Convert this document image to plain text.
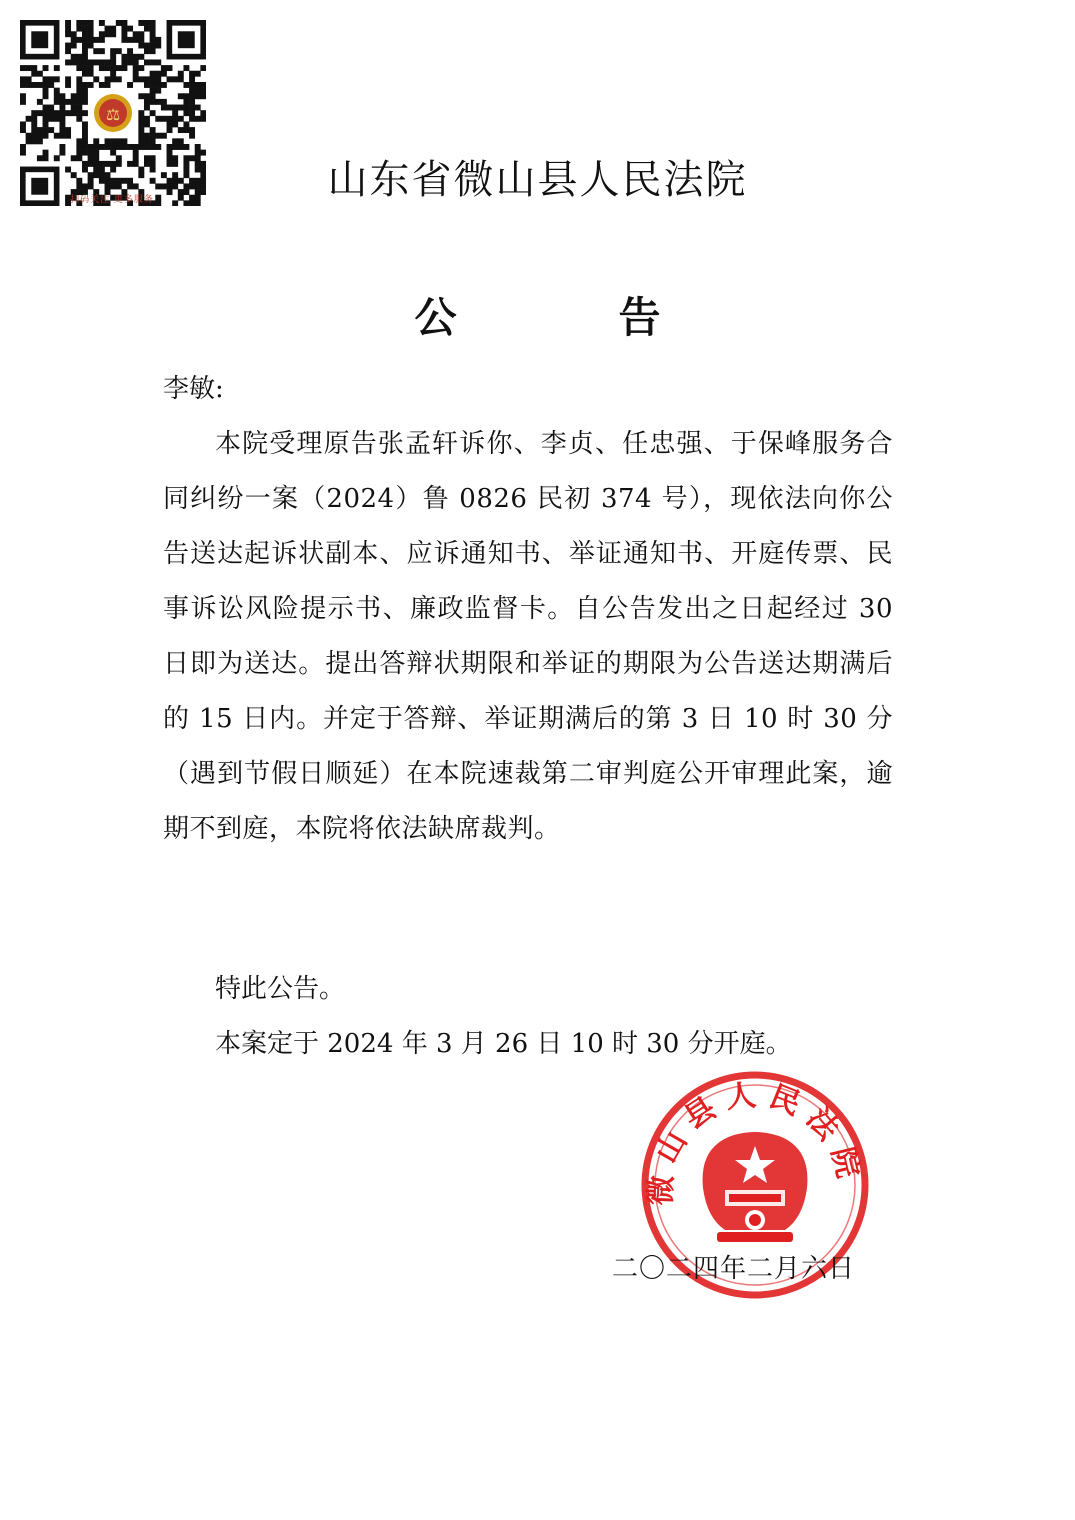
⚖
扫码关注 更多服务	山东省微山县人民法院
公　告

李敏:

本院受理原告张孟轩诉你、李贞、任忠强、于保峰服务合同纠纷一案（2024）鲁 0826 民初 374 号），现依法向你公告送达起诉状副本、应诉通知书、举证通知书、开庭传票、民事诉讼风险提示书、廉政监督卡。自公告发出之日起经过 30 日即为送达。提出答辩状期限和举证的期限为公告送达期满后的 15 日内。并定于答辩、举证期满后的第 3 日 10 时 30 分（遇到节假日顺延）在本院速裁第二审判庭公开审理此案，逾期不到庭，本院将依法缺席裁判。

特此公告。

本案定于 2024 年 3 月 26 日 10 时 30 分开庭。

微山县人民法院
二〇二四年二月六日
